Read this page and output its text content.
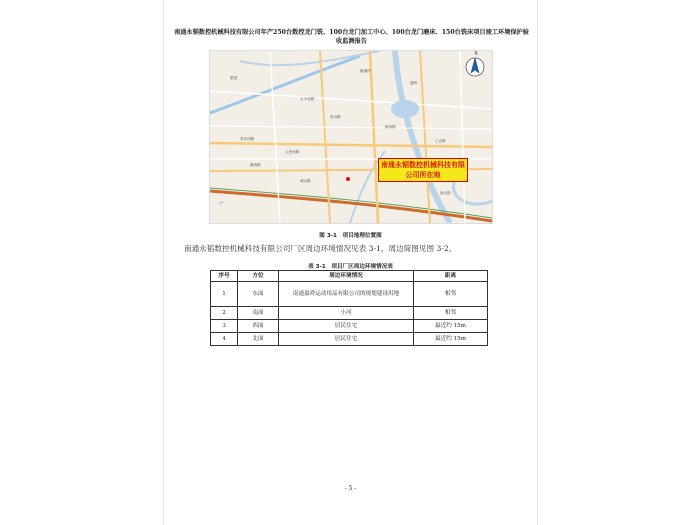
南通永韬数控机械科技有限公司年产250台数控龙门铣、100台龙门加工中心、100台龙门磨床、150台铣床项目竣工环境保护验收监测报告
新港村
果园
通州
太平北路
青年西路
人民西路
工农路
濠西路
桃坞路
崇川路
城山路
南大街
八厂
南通永韬数控机械科技有限公司所在地
北
图 3-1　项目地理位置图
南通永韬数控机械科技有限公司厂区周边环境情况见表 3-1，周边简图见图 3-2。
表 3-1　项目厂区周边环境情况表
序号	方位	周边环境情况	距离
1	东面	南通嘉舜运动用品有限公司的规划建设用地	相邻
2	南面	小河	相邻
3	西面	居民住宅	最近约 15m
4	北面	居民住宅	最近约 15m
- 5 -
